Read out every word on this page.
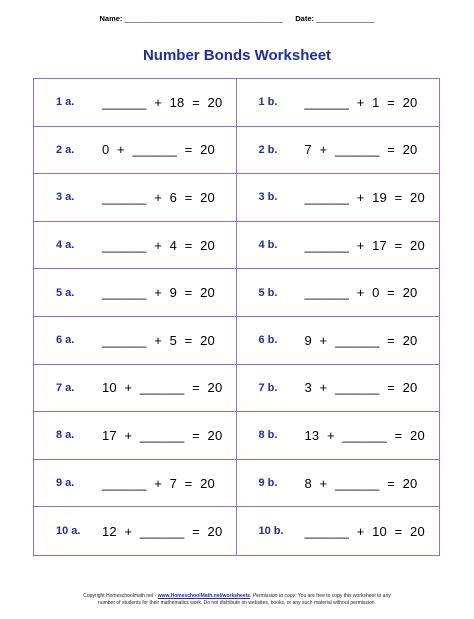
Name: ______________________________________ Date: ______________
Number Bonds Worksheet
1 a. ______  +  18  =  20	1 b. ______  +  1  =  20
2 a. 0  +  ______  =  20	2 b. 7  +  ______  =  20
3 a. ______  +  6  =  20	3 b. ______  +  19  =  20
4 a. ______  +  4  =  20	4 b. ______  +  17  =  20
5 a. ______  +  9  =  20	5 b. ______  +  0  =  20
6 a. ______  +  5  =  20	6 b. 9  +  ______  =  20
7 a. 10  +  ______  =  20	7 b. 3  +  ______  =  20
8 a. 17  +  ______  =  20	8 b. 13  +  ______  =  20
9 a. ______  +  7  =  20	9 b. 8  +  ______  =  20
10 a. 12  +  ______  =  20	10 b. ______  +  10  =  20
Copyright Homeschoolmath.net - www.HomeschoolMath.net/worksheets. Permission to copy: You are free to copy this worksheet to any
number of students for their mathematics work. Do not distribute on websites, books, or any such material without permission.
